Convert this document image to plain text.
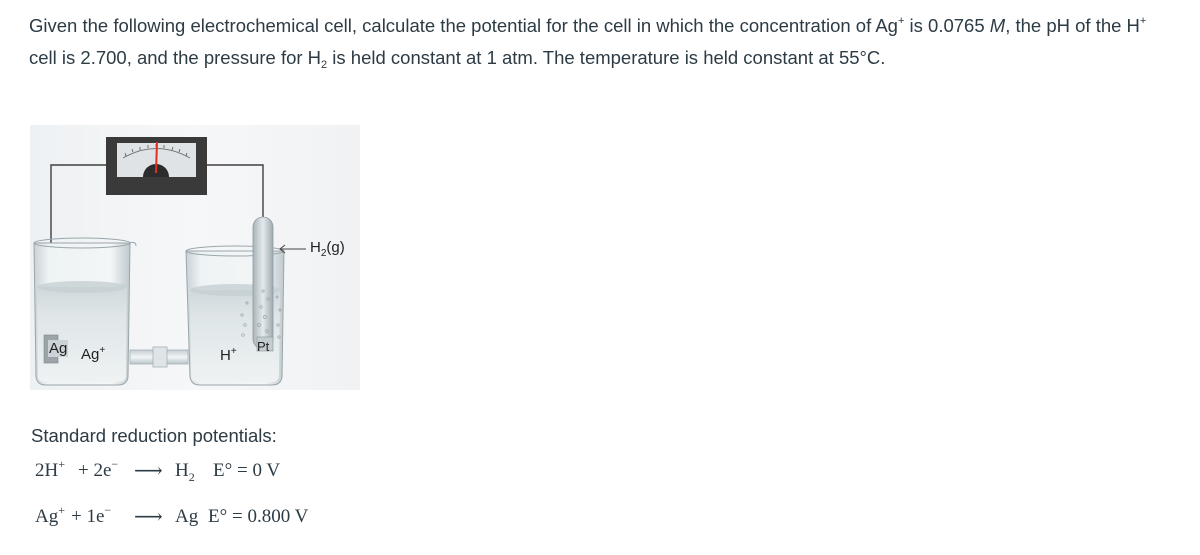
Given the following electrochemical cell, calculate the potential for the cell in which the concentration of Ag+ is 0.0765 M, the pH of the H+ cell is 2.700, and the pressure for $H_2$ is held constant at 1 atm. The temperature is held constant at 55°C.
Ag Ag+	H+ Pt
$H_2(g)$
Standard reduction potentials:
2H+ + 2e− ⟶ $H_2$ E° = 0 V
Ag+ + 1e− ⟶ Ag E° = 0.800 V
